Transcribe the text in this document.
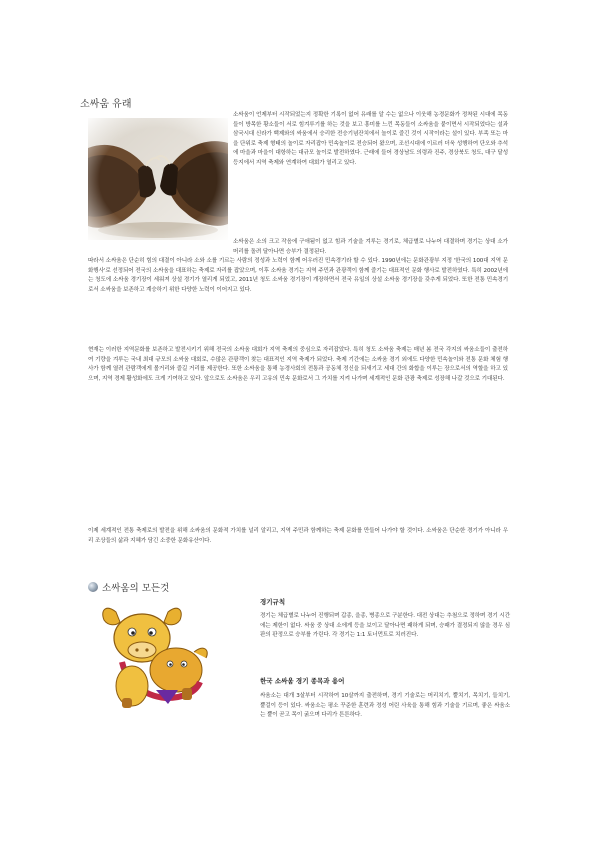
소싸움 유래

소싸움이 언제부터 시작되었는지 정확한 기록이 없어 유래를 알 수는 없으나 이웃해 농경문화가 정착된 시대에 목동들이 방목한 황소들이 서로 힘겨루기를 하는 것을 보고 흥미를 느낀 목동들이 소싸움을 붙이면서 시작되었다는 설과 삼국시대 신라가 백제와의 싸움에서 승리한 전승기념잔치에서 놀이로 즐긴 것이 시작이라는 설이 있다. 부족 또는 마을 단위로 축제 형태의 놀이로 자리잡아 민속놀이로 전승되어 왔으며, 조선시대에 이르러 더욱 성행하여 단오와 추석에 마을과 마을이 대항하는 대규모 놀이로 발전하였다. 근래에 들어 경상남도 의령과 진주, 경상북도 청도, 대구 달성 등지에서 지역 축제와 연계하여 대회가 열리고 있다.

소싸움은 소의 크고 작음에 구애됨이 없고 힘과 기술을 겨루는 경기로, 체급별로 나누어 대결하며 경기는 상대 소가 머리를 돌려 달아나면 승부가 결정된다.

따라서 소싸움은 단순히 힘의 대결이 아니라 소와 소를 기르는 사람의 정성과 노력이 함께 어우러진 민속경기라 할 수 있다. 1990년에는 문화관광부 지정 '한국의 100대 지역 문화행사'로 선정되어 전국의 소싸움을 대표하는 축제로 자리를 잡았으며, 이후 소싸움 경기는 지역 주민과 관광객이 함께 즐기는 대표적인 문화 행사로 발전하였다. 특히 2002년에는 청도에 소싸움 경기장이 세워져 상설 경기가 열리게 되었고, 2011년 청도 소싸움 경기장이 개장하면서 전국 유일의 상설 소싸움 경기장을 갖추게 되었다. 또한 전통 민속경기로서 소싸움을 보존하고 계승하기 위한 다양한 노력이 이어지고 있다.

현재는 이러한 지역문화를 보존하고 발전시키기 위해 전국의 소싸움 대회가 지역 축제의 중심으로 자리잡았다. 특히 청도 소싸움 축제는 매년 봄 전국 각지의 싸움소들이 출전하여 기량을 겨루는 국내 최대 규모의 소싸움 대회로, 수많은 관광객이 찾는 대표적인 지역 축제가 되었다. 축제 기간에는 소싸움 경기 외에도 다양한 민속놀이와 전통 문화 체험 행사가 함께 열려 관람객에게 볼거리와 즐길 거리를 제공한다. 또한 소싸움을 통해 농경사회의 전통과 공동체 정신을 되새기고 세대 간의 화합을 이루는 장으로서의 역할을 하고 있으며, 지역 경제 활성화에도 크게 기여하고 있다. 앞으로도 소싸움은 우리 고유의 민속 문화로서 그 가치를 지켜 나가며 세계적인 문화 관광 축제로 성장해 나갈 것으로 기대된다.

이제 세계적인 전통 축제로의 발전을 위해 소싸움의 문화적 가치를 널리 알리고, 지역 주민과 함께하는 축제 문화를 만들어 나가야 할 것이다. 소싸움은 단순한 경기가 아니라 우리 조상들의 삶과 지혜가 담긴 소중한 문화유산이다.

소싸움의 모든것
경기규칙

경기는 체급별로 나누어 진행되며 갑종, 을종, 병종으로 구분한다. 대전 상대는 추첨으로 정하며 경기 시간에는 제한이 없다. 싸움 중 상대 소에게 등을 보이고 달아나면 패하게 되며, 승패가 결정되지 않을 경우 심판의 판정으로 승부를 가린다. 각 경기는 1:1 토너먼트로 치러진다.

한국 소싸움 경기 종목과 용어

싸움소는 대개 3살부터 시작하여 10살까지 출전하며, 경기 기술로는 머리치기, 뿔치기, 목치기, 들치기, 뿔걸이 등이 있다. 싸움소는 평소 꾸준한 훈련과 정성 어린 사육을 통해 힘과 기술을 기르며, 좋은 싸움소는 뿔이 곧고 목이 굵으며 다리가 튼튼하다.
